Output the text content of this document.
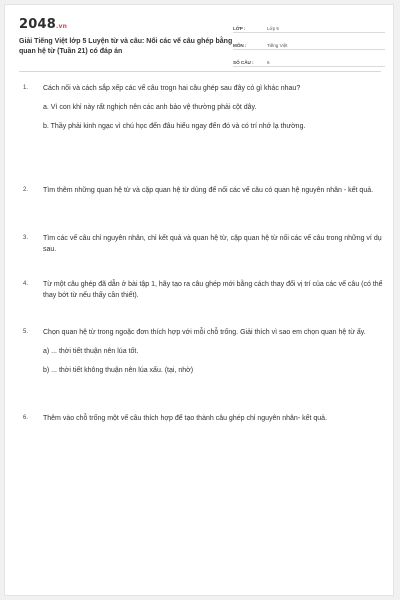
2048.vn
Giải Tiếng Việt lớp 5 Luyện từ và câu: Nối các vế câu ghép bằng quan hệ từ (Tuần 21) có đáp án
LỚP :	Lớp 5
MÔN :	Tiếng Việt
SỐ CÂU :	6
1. Cách nối và cách sắp xếp các vế câu trogn hai câu ghép sau đây có gì khác nhau?
a. Vì con khỉ này rất nghịch nên các anh bảo vệ thường phải cột dây.
b. Thầy phải kinh ngạc vì chú học đến đâu hiểu ngay đến đó và có trí nhớ lạ thường.
2. Tìm thêm những quan hệ từ và cặp quan hệ từ dùng để nối các vế câu có quan hệ nguyên nhân - kết quả.
3. Tìm các vế câu chỉ nguyên nhân, chỉ kết quả và quan hệ từ, cặp quan hệ từ nối các vế câu trong những ví dụ sau.
4. Từ một câu ghép đã dẫn ở bài tập 1, hãy tạo ra câu ghép mới bằng cách thay đổi vị trí của các vế câu (có thể thay bớt từ nếu thấy cần thiết).
5. Chọn quan hệ từ trong ngoặc đơn thích hợp với mỗi chỗ trống. Giải thích vì sao em chọn quan hệ từ ấy.
a) ... thời tiết thuận nên lúa tốt.
b) ... thời tiết không thuận nên lúa xấu. (tại, nhờ)
6. Thêm vào chỗ trống một vế câu thích hợp để tạo thành câu ghép chỉ nguyên nhân- kết quả.
